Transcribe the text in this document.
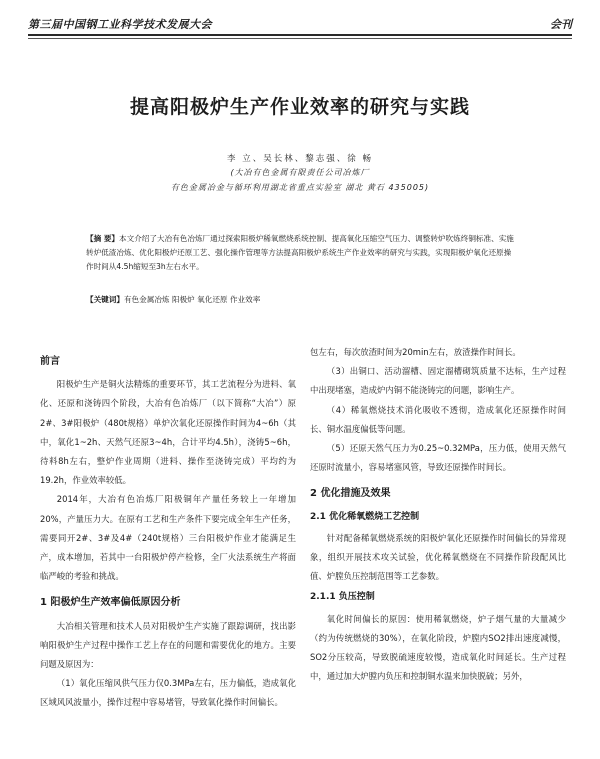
第三届中国钢工业科学技术发展大会	会刊
提高阳极炉生产作业效率的研究与实践
李 立、吴长林、黎志强、徐 畅
(大冶有色金属有限责任公司冶炼厂
有色金属冶金与循环利用湖北省重点实验室 湖北 黄石 435005)
【摘 要】本文介绍了大冶有色冶炼厂通过探索阳极炉稀氧燃烧系统控制、提高氧化压缩空气压力、调整转炉吹炼终铜标准、实施转炉低渣冶炼、优化阳极炉还原工艺、强化操作管理等方法提高阳极炉系统生产作业效率的研究与实践，实现阳极炉氧化还原操作时间从4.5h缩短至3h左右水平。
【关键词】有色金属冶炼 阳极炉 氧化还原 作业效率
前言

阳极炉生产是铜火法精炼的重要环节，其工艺流程分为进料、氧化、还原和浇铸四个阶段，大冶有色冶炼厂（以下简称“大冶”）原2#、3#阳极炉（480t规格）单炉次氧化还原操作时间为4~6h（其中，氧化1~2h、天然气还原3~4h，合计平均4.5h），浇铸5~6h，待料8h左右，整炉作业周期（进料、操作至浇铸完成）平均约为19.2h，作业效率较低。

2014年，大冶有色冶炼厂阳极铜年产量任务较上一年增加20%，产量压力大。在原有工艺和生产条件下要完成全年生产任务，需要同开2#、3#及4#（240t规格）三台阳极炉作业才能满足生产，成本增加，若其中一台阳极炉停产检修，全厂火法系统生产将面临严峻的考验和挑战。

1 阳极炉生产效率偏低原因分析

大冶相关管理和技术人员对阳极炉生产实施了跟踪调研，找出影响阳极炉生产过程中操作工艺上存在的问题和需要优化的地方。主要问题及原因为：

（1）氧化压缩风供气压力仅0.3MPa左右，压力偏低，造成氧化区域风风波量小，操作过程中容易堵管，导致氧化操作时间偏长。

包左右，每次放渣时间为20min左右，放渣操作时间长。

（3）出铜口、活动溜槽、固定溜槽砌筑质量不达标，生产过程中出现堵塞，造成炉内铜不能浇铸完的问题，影响生产。

（4）稀氧燃烧技术消化吸收不透彻，造成氧化还原操作时间长、铜水温度偏低等问题。

（5）还原天然气压力为0.25~0.32MPa，压力低，使用天然气还原时流量小，容易堵塞风管，导致还原操作时间长。

2 优化措施及效果
2.1 优化稀氧燃烧工艺控制

针对配备稀氧燃烧系统的阳极炉氧化还原操作时间偏长的异常现象，组织开展技术攻关试验，优化稀氧燃烧在不同操作阶段配风比值、炉膛负压控制范围等工艺参数。

2.1.1 负压控制

氧化时间偏长的原因：使用稀氧燃烧，炉子烟气量的大量减少（约为传统燃烧的30%），在氧化阶段，炉膛内SO2排出速度减慢，SO2分压较高，导致脱硫速度较慢，造成氧化时间延长。生产过程中，通过加大炉膛内负压和控制铜水温来加快脱硫；另外，
